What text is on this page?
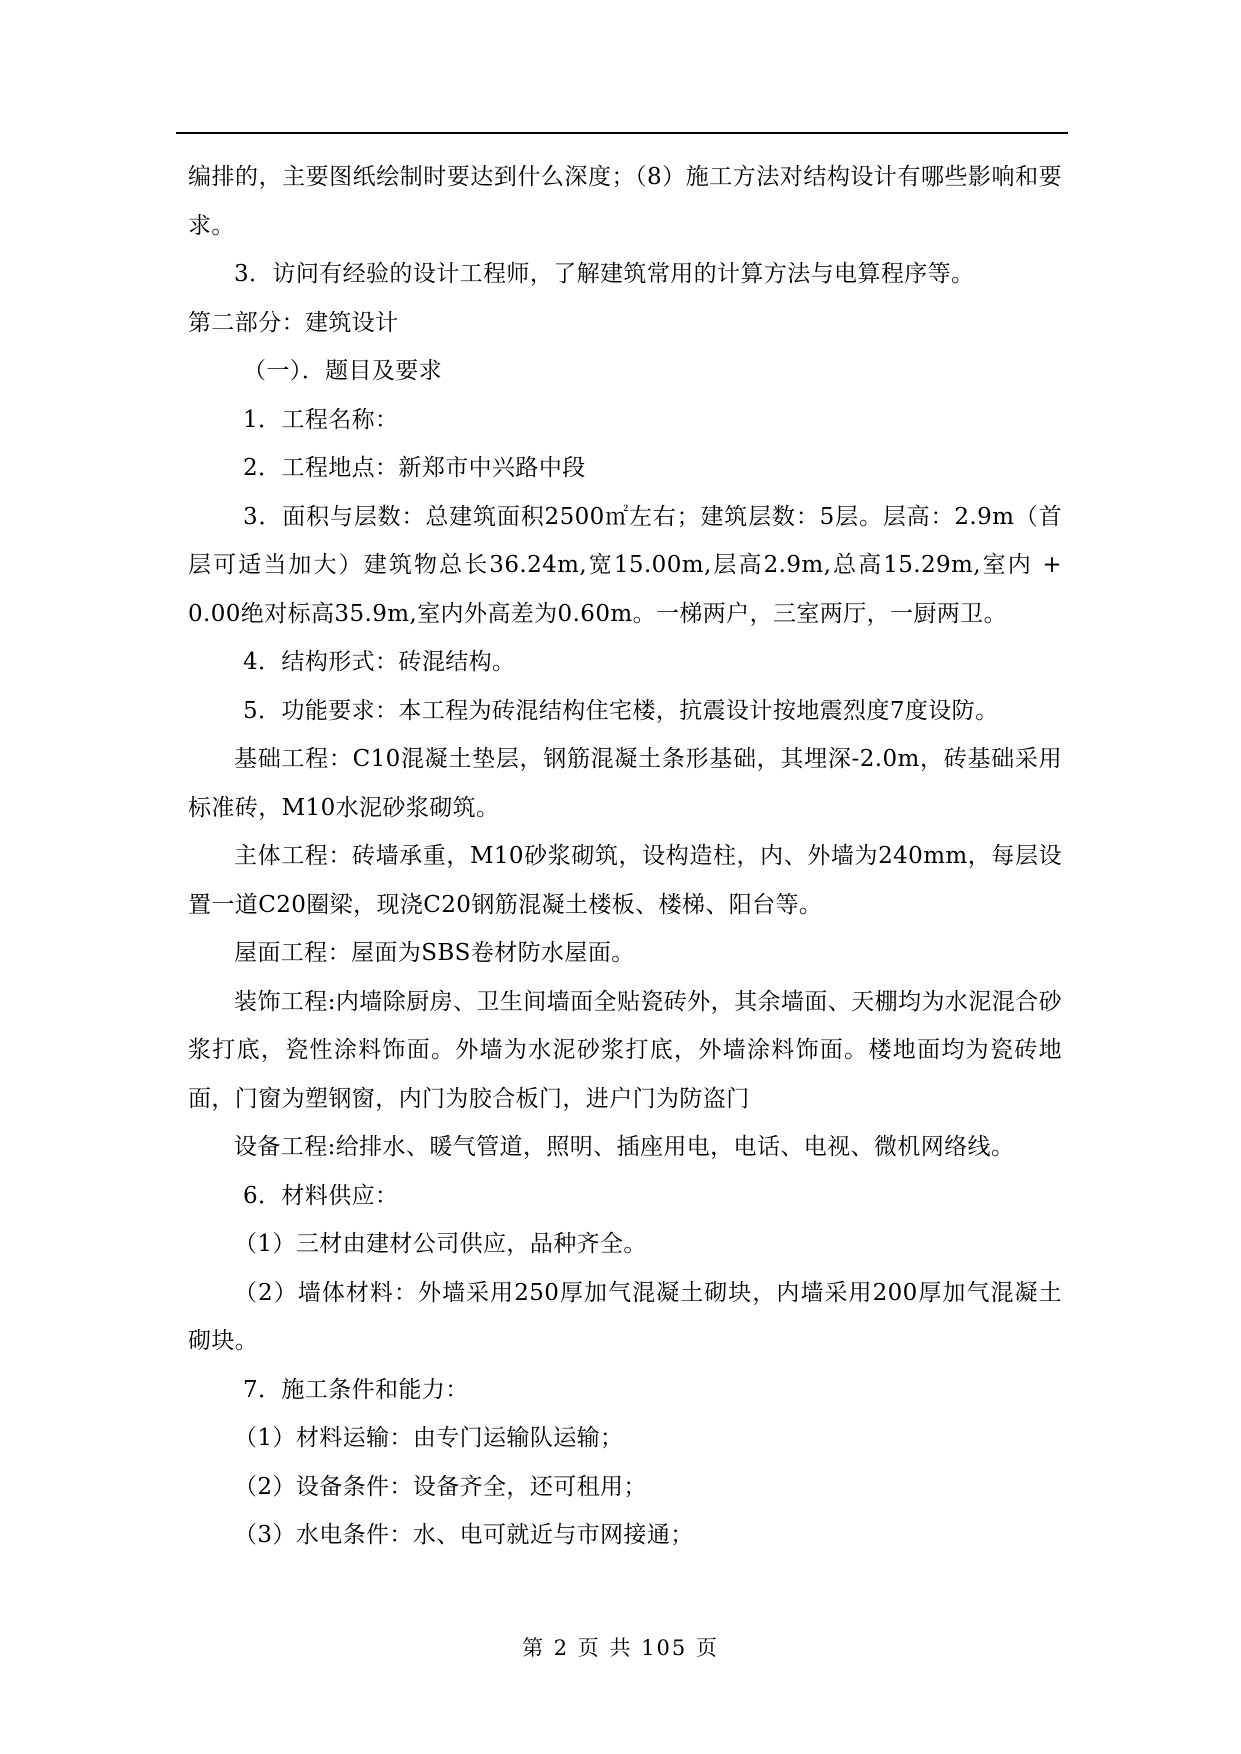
编排的，主要图纸绘制时要达到什么深度；（8）施工方法对结构设计有哪些影响和要求。

3．访问有经验的设计工程师，了解建筑常用的计算方法与电算程序等。

第二部分：建筑设计

（一）．题目及要求

1．工程名称：

2．工程地点：新郑市中兴路中段

3．面积与层数：总建筑面积2500㎡左右；建筑层数：5层。层高：2.9m（首层可适当加大）建筑物总长36.24m,宽15.00m,层高2.9m,总高15.29m,室内 + 0.00绝对标高35.9m,室内外高差为0.60m。一梯两户，三室两厅，一厨两卫。

4．结构形式：砖混结构。

5．功能要求：本工程为砖混结构住宅楼，抗震设计按地震烈度7度设防。

基础工程：C10混凝土垫层，钢筋混凝土条形基础，其埋深-2.0m，砖基础采用标准砖，M10水泥砂浆砌筑。

主体工程：砖墙承重，M10砂浆砌筑，设构造柱，内、外墙为240mm，每层设置一道C20圈梁，现浇C20钢筋混凝土楼板、楼梯、阳台等。

屋面工程：屋面为SBS卷材防水屋面。

装饰工程:内墙除厨房、卫生间墙面全贴瓷砖外，其余墙面、天棚均为水泥混合砂浆打底，瓷性涂料饰面。外墙为水泥砂浆打底，外墙涂料饰面。楼地面均为瓷砖地面，门窗为塑钢窗，内门为胶合板门，进户门为防盗门

设备工程:给排水、暖气管道，照明、插座用电，电话、电视、微机网络线。

6．材料供应：

（1）三材由建材公司供应，品种齐全。

（2）墙体材料：外墙采用250厚加气混凝土砌块，内墙采用200厚加气混凝土砌块。

7．施工条件和能力：

（1）材料运输：由专门运输队运输；

（2）设备条件：设备齐全，还可租用；

（3）水电条件：水、电可就近与市网接通；

第 2 页 共 105 页
